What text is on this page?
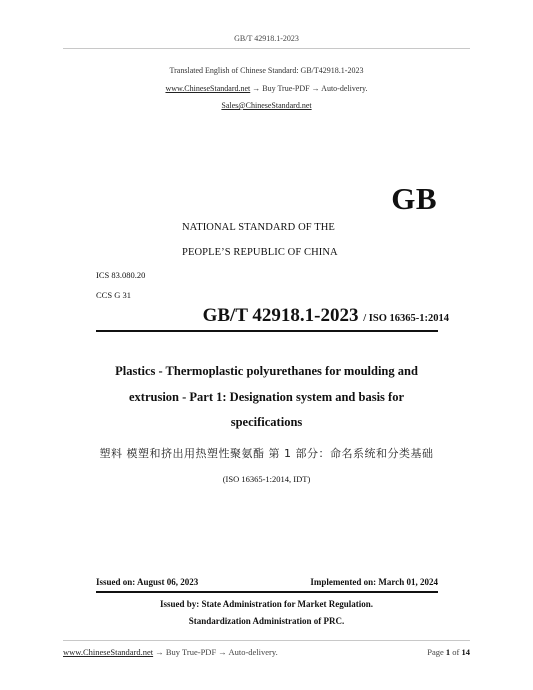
GB/T 42918.1-2023
Translated English of Chinese Standard: GB/T42918.1-2023
www.ChineseStandard.net → Buy True-PDF → Auto-delivery.
Sales@ChineseStandard.net
GB
NATIONAL STANDARD OF THE
PEOPLE’S REPUBLIC OF CHINA
ICS 83.080.20
CCS G 31
GB/T 42918.1-2023 / ISO 16365-1:2014
Plastics - Thermoplastic polyurethanes for moulding and
extrusion - Part 1: Designation system and basis for
specifications
塑料 模塑和挤出用热塑性聚氨酯 第 1 部分：命名系统和分类基础
(ISO 16365-1:2014, IDT)
Issued on: August 06, 2023	Implemented on: March 01, 2024
Issued by: State Administration for Market Regulation.
Standardization Administration of PRC.
www.ChineseStandard.net → Buy True-PDF → Auto-delivery.	Page 1 of 14
